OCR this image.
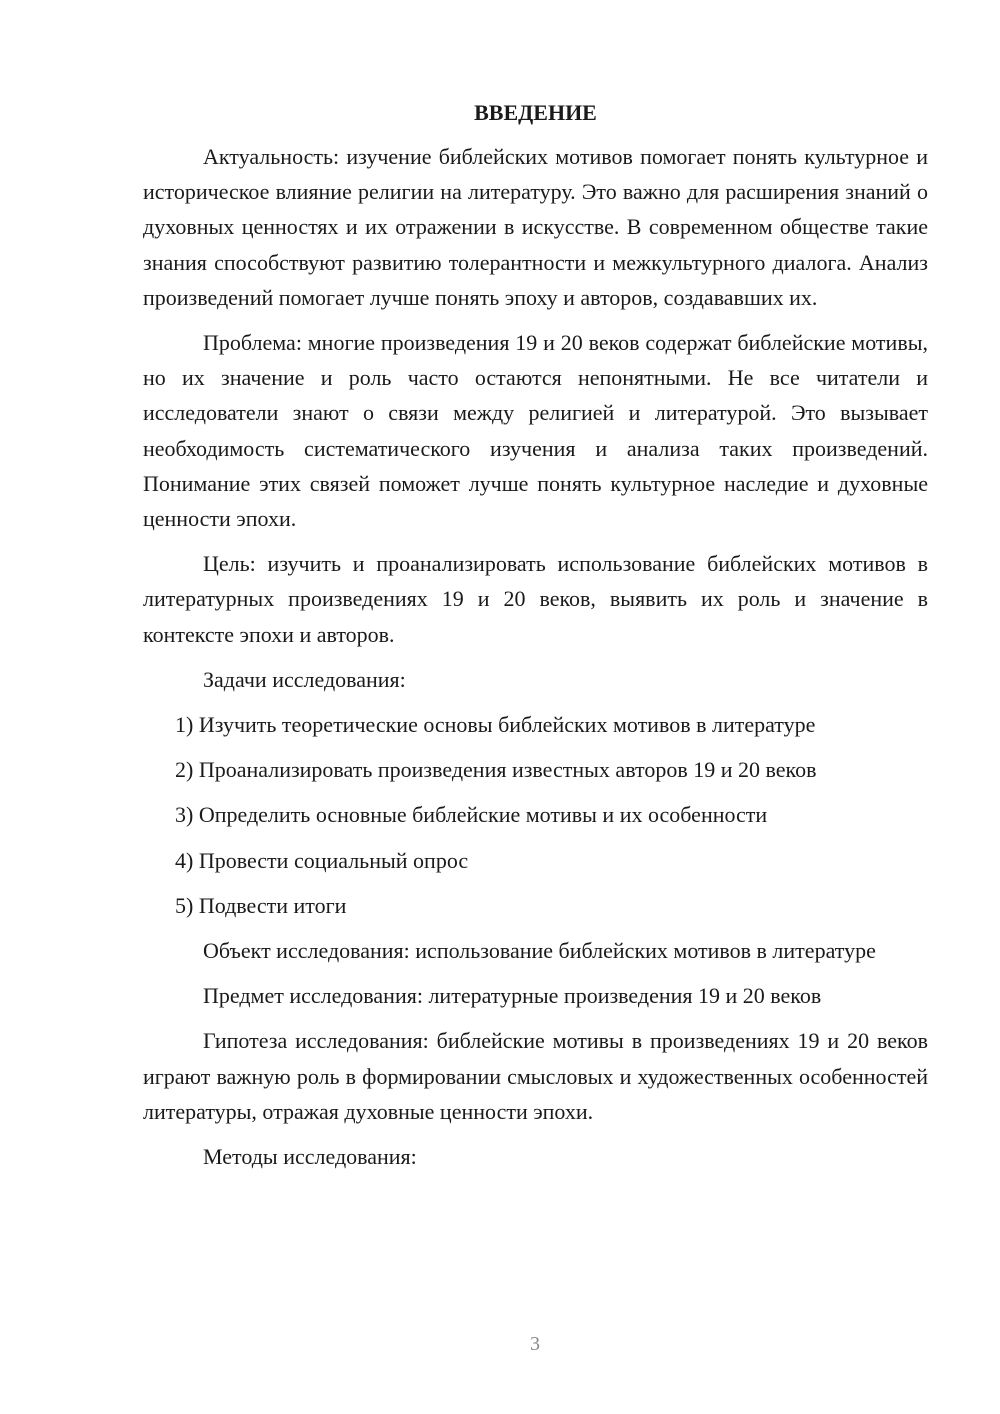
ВВЕДЕНИЕ

Актуальность: изучение библейских мотивов помогает понять культурное и историческое влияние религии на литературу. Это важно для расширения знаний о духовных ценностях и их отражении в искусстве. В современном обществе такие знания способствуют развитию толерантности и межкультурного диалога. Анализ произведений помогает лучше понять эпоху и авторов, создававших их.

Проблема: многие произведения 19 и 20 веков содержат библейские мотивы, но их значение и роль часто остаются непонятными. Не все читатели и исследователи знают о связи между религией и литературой. Это вызывает необходимость систематического изучения и анализа таких произведений. Понимание этих связей поможет лучше понять культурное наследие и духовные ценности эпохи.

Цель: изучить и проанализировать использование библейских мотивов в литературных произведениях 19 и 20 веков, выявить их роль и значение в контексте эпохи и авторов.

Задачи исследования:

1) Изучить теоретические основы библейских мотивов в литературе
2) Проанализировать произведения известных авторов 19 и 20 веков
3) Определить основные библейские мотивы и их особенности
4) Провести социальный опрос
5) Подвести итоги

Объект исследования: использование библейских мотивов в литературе

Предмет исследования: литературные произведения 19 и 20 веков

Гипотеза исследования: библейские мотивы в произведениях 19 и 20 веков играют важную роль в формировании смысловых и художественных особенностей литературы, отражая духовные ценности эпохи.

Методы исследования:

3
